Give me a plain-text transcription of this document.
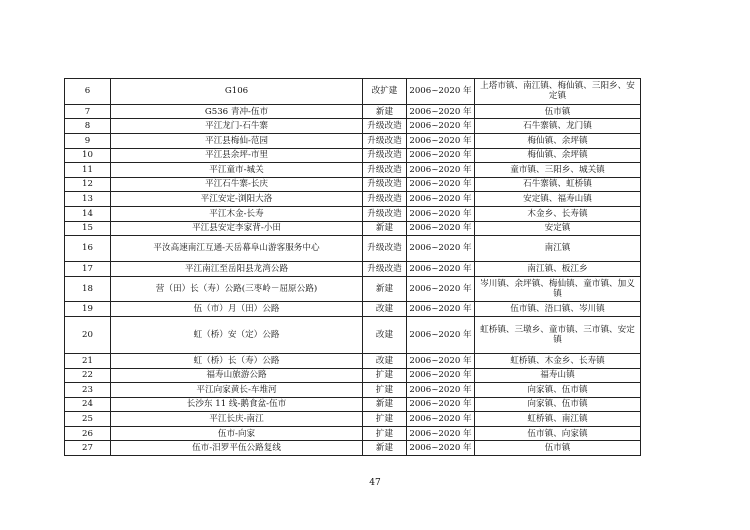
6	G106	改扩建	2006~2020 年	上塔市镇、南江镇、梅仙镇、三阳乡、安定镇
7	G536 青冲-伍市	新建	2006~2020 年	伍市镇
8	平江龙门-石牛寨	升级改造	2006~2020 年	石牛寨镇、龙门镇
9	平江县梅仙-范园	升级改造	2006~2020 年	梅仙镇、余坪镇
10	平江县余坪-市里	升级改造	2006~2020 年	梅仙镇、余坪镇
11	平江童市-城关	升级改造	2006~2020 年	童市镇、三阳乡、城关镇
12	平江石牛寨-长庆	升级改造	2006~2020 年	石牛寨镇、虹桥镇
13	平江安定-浏阳大洛	升级改造	2006~2020 年	安定镇、福寿山镇
14	平江木金-长寿	升级改造	2006~2020 年	木金乡、长寿镇
15	平江县安定李家背-小田	新建	2006~2020 年	安定镇
16	平汝高速南江互通-天岳幕阜山游客服务中心	升级改造	2006~2020 年	南江镇
17	平江南江至岳阳县龙湾公路	升级改造	2006~2020 年	南江镇、板江乡
18	营（田）长（寿）公路(三枣岭－屈原公路)	新建	2006~2020 年	岑川镇、余坪镇、梅仙镇、童市镇、加义镇
19	伍（市）月（田）公路	改建	2006~2020 年	伍市镇、浯口镇、岑川镇
20	虹（桥）安（定）公路	改建	2006~2020 年	虹桥镇、三墩乡、童市镇、三市镇、安定镇
21	虹（桥）长（寿）公路	改建	2006~2020 年	虹桥镇、木金乡、长寿镇
22	福寿山旅游公路	扩建	2006~2020 年	福寿山镇
23	平江向家黄长-车堆河	扩建	2006~2020 年	向家镇、伍市镇
24	长沙东 11 线-鹅食盆-伍市	新建	2006~2020 年	向家镇、伍市镇
25	平江长庆-南江	扩建	2006~2020 年	虹桥镇、南江镇
26	伍市-向家	扩建	2006~2020 年	伍市镇、向家镇
27	伍市-汨罗平伍公路复线	新建	2006~2020 年	伍市镇
47
